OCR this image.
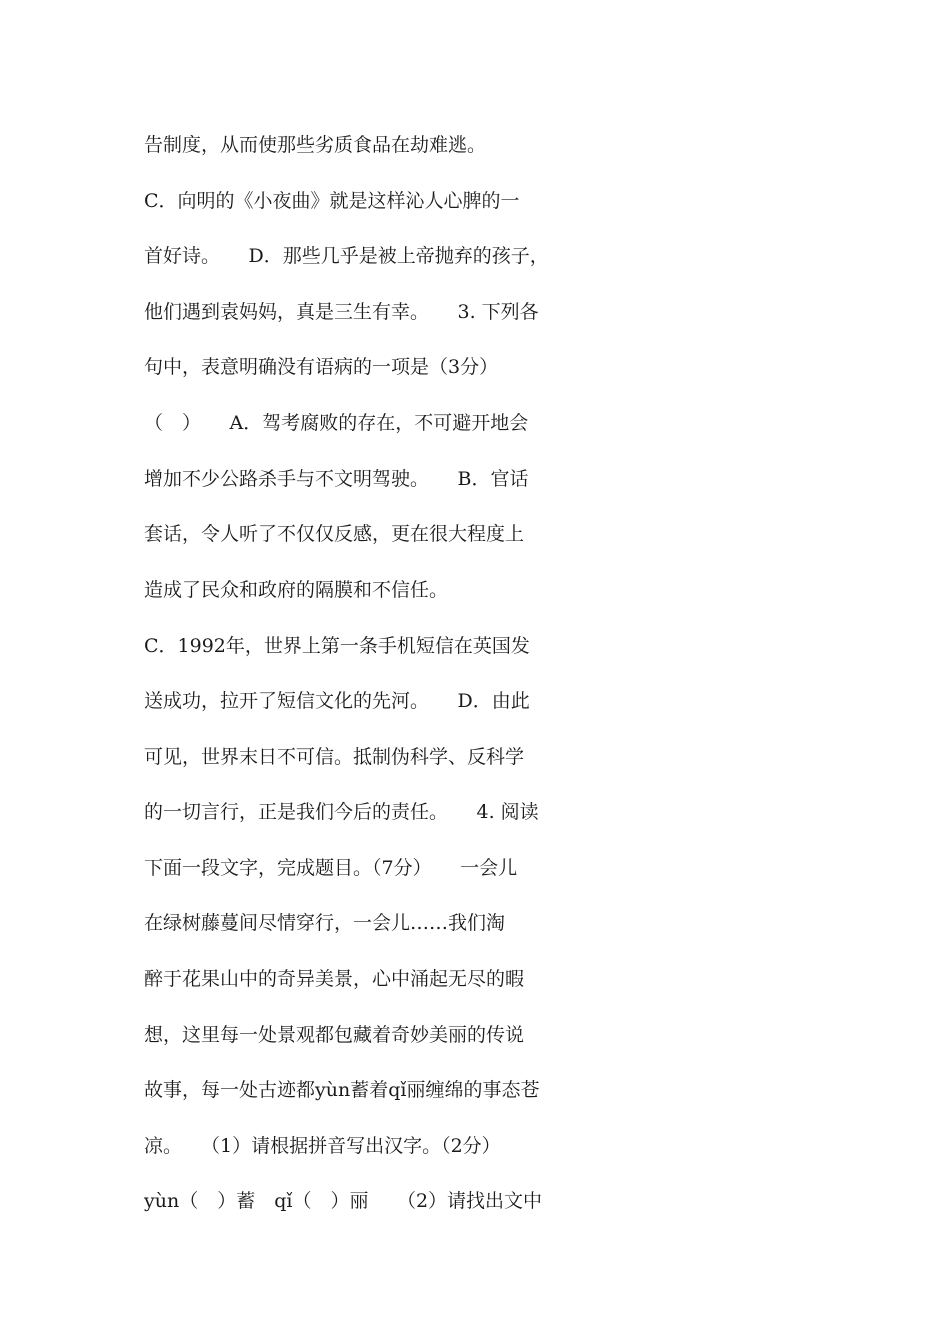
告制度，从而使那些劣质食品在劫难逃。
C．向明的《小夜曲》就是这样沁人心脾的一
首好诗。　　D．那些几乎是被上帝抛弃的孩子，
他们遇到袁妈妈，真是三生有幸。　　3. 下列各
句中，表意明确没有语病的一项是（3分）
（　）　　A．驾考腐败的存在，不可避开地会
增加不少公路杀手与不文明驾驶。　　B．官话
套话，令人听了不仅仅反感，更在很大程度上
造成了民众和政府的隔膜和不信任。
C．1992年，世界上第一条手机短信在英国发
送成功，拉开了短信文化的先河。　　D．由此
可见，世界末日不可信。抵制伪科学、反科学
的一切言行，正是我们今后的责任。　　4. 阅读
下面一段文字，完成题目。（7分）　　一会儿
在绿树藤蔓间尽情穿行，一会儿……我们淘
醉于花果山中的奇异美景，心中涌起无尽的暇
想，这里每一处景观都包藏着奇妙美丽的传说
故事，每一处古迹都yùn蓄着qǐ丽缠绵的事态苍
凉。　　（1）请根据拼音写出汉字。（2分）
yùn（　）蓄　qǐ（　）丽　　（2）请找出文中
